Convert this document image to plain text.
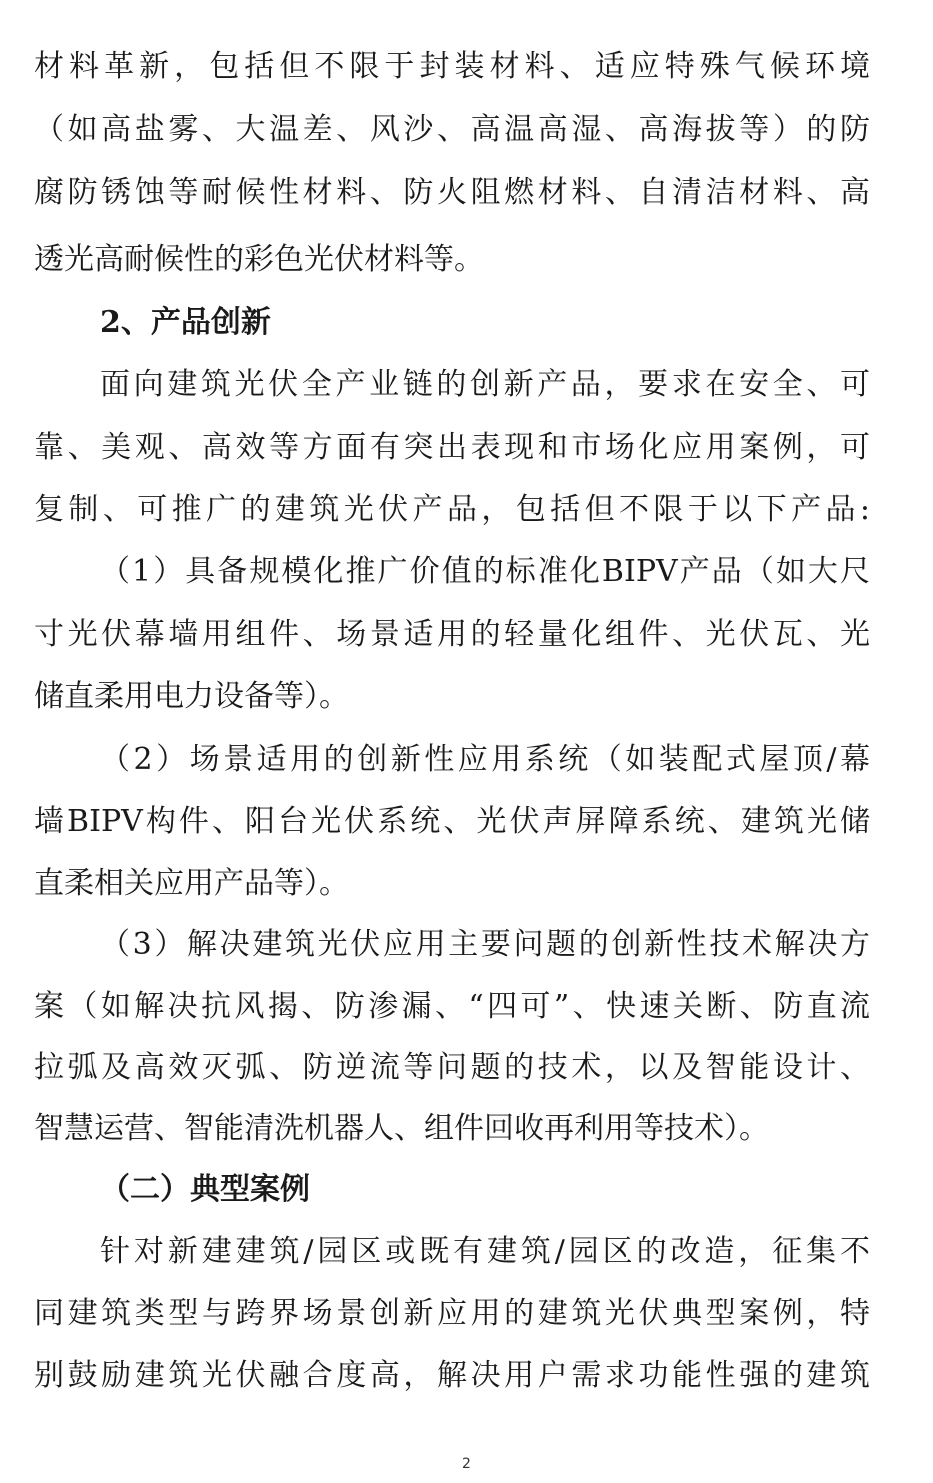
材料革新，包括但不限于封装材料、适应特殊气候环境
（如高盐雾、大温差、风沙、高温高湿、高海拔等）的防
腐防锈蚀等耐候性材料、防火阻燃材料、自清洁材料、高
透光高耐候性的彩色光伏材料等。
2、产品创新
面向建筑光伏全产业链的创新产品，要求在安全、可
靠、美观、高效等方面有突出表现和市场化应用案例，可
复制、可推广的建筑光伏产品，包括但不限于以下产品:
（1）具备规模化推广价值的标准化BIPV产品（如大尺
寸光伏幕墙用组件、场景适用的轻量化组件、光伏瓦、光
储直柔用电力设备等）。
（2）场景适用的创新性应用系统（如装配式屋顶/幕
墙BIPV构件、阳台光伏系统、光伏声屏障系统、建筑光储
直柔相关应用产品等）。
（3）解决建筑光伏应用主要问题的创新性技术解决方
案（如解决抗风揭、防渗漏、“四可”、快速关断、防直流
拉弧及高效灭弧、防逆流等问题的技术，以及智能设计、
智慧运营、智能清洗机器人、组件回收再利用等技术）。
（二）典型案例
针对新建建筑/园区或既有建筑/园区的改造，征集不
同建筑类型与跨界场景创新应用的建筑光伏典型案例，特
别鼓励建筑光伏融合度高，解决用户需求功能性强的建筑
2
